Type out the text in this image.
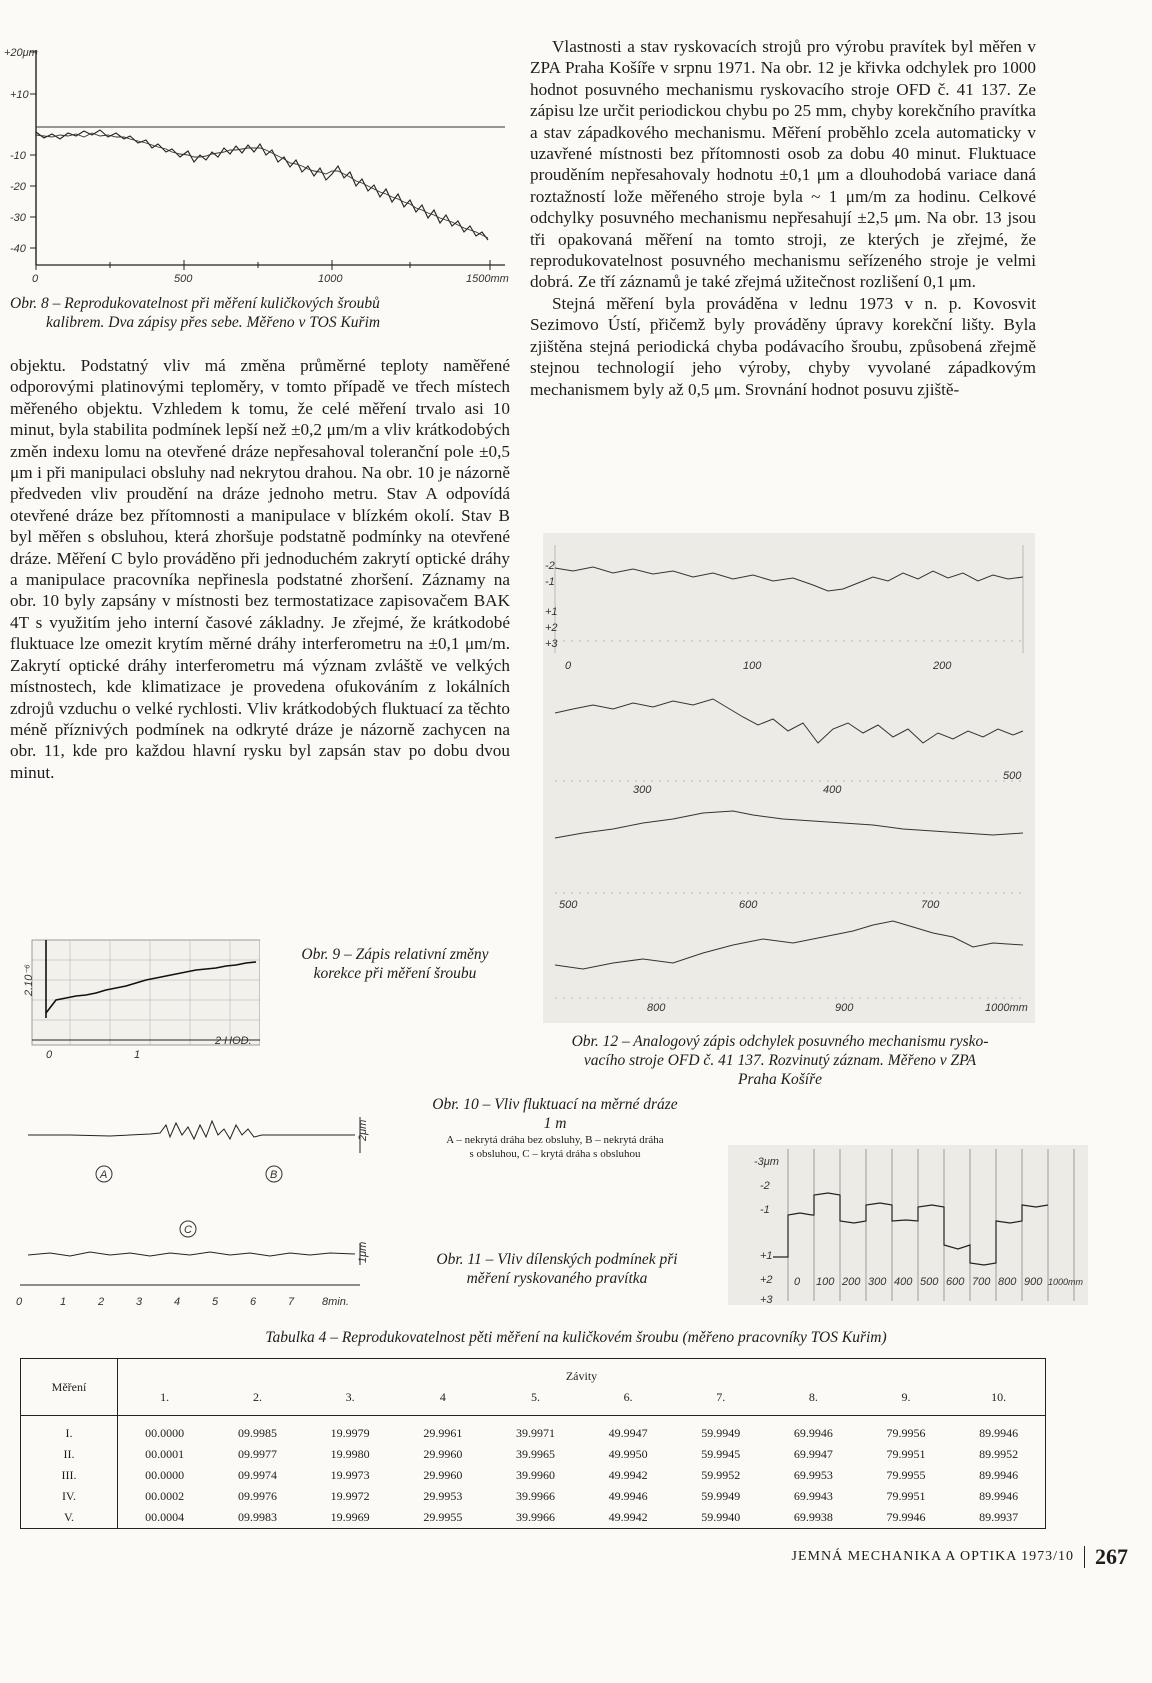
+20μm
+10
-10
-20
-30
-40
0	500	1000	1500mm

Obr. 8 – Reprodukovatelnost při měření kuličkových šroubů

kalibrem. Dva zápisy přes sebe. Měřeno v TOS Kuřim

objektu. Podstatný vliv má změna průměrné teploty naměřené odporovými platinovými teploměry, v tomto případě ve třech místech měřeného objektu. Vzhledem k tomu, že celé měření trvalo asi 10 minut, byla stabilita podmínek lepší než ±0,2 μm/m a vliv krátkodobých změn indexu lomu na otevřené dráze nepřesahoval toleranční pole ±0,5 μm i při manipulaci obsluhy nad nekrytou drahou. Na obr. 10 je názorně předveden vliv proudění na dráze jednoho metru. Stav A odpovídá otevřené dráze bez přítomnosti a manipulace v blízkém okolí. Stav B byl měřen s obsluhou, která zhoršuje podstatně podmínky na otevřené dráze. Měření C bylo prováděno při jednoduchém zakrytí optické dráhy a manipulace pracovníka nepřinesla podstatné zhoršení. Záznamy na obr. 10 byly zapsány v místnosti bez termostatizace zapisovačem BAK 4T s využitím jeho interní časové základny. Je zřejmé, že krátkodobé fluktuace lze omezit krytím měrné dráhy interferometru na ±0,1 μm/m. Zakrytí optické dráhy interferometru má význam zvláště ve velkých místnostech, kde klimatizace je provedena ofukováním z lokálních zdrojů vzduchu o velké rychlosti. Vliv krátkodobých fluktuací za těchto méně příznivých podmínek na odkryté dráze je názorně zachycen na obr. 11, kde pro každou hlavní rysku byl zapsán stav po dobu dvou minut.

Vlastnosti a stav ryskovacích strojů pro výrobu pravítek byl měřen v ZPA Praha Košíře v srpnu 1971. Na obr. 12 je křivka odchylek pro 1000 hodnot posuvného mechanismu ryskovacího stroje OFD č. 41 137. Ze zápisu lze určit periodickou chybu po 25 mm, chyby korekčního pravítka a stav západkového mechanismu. Měření proběhlo zcela automaticky v uzavřené místnosti bez přítomnosti osob za dobu 40 minut. Fluktuace prouděním nepřesahovaly hodnotu ±0,1 μm a dlouhodobá variace daná roztažností lože měřeného stroje byla ~ 1 μm/m za hodinu. Celkové odchylky posuvného mechanismu nepřesahují ±2,5 μm. Na obr. 13 jsou tři opakovaná měření na tomto stroji, ze kterých je zřejmé, že reprodukovatelnost posuvného mechanismu seřízeného stroje je velmi dobrá. Ze tří záznamů je také zřejmá užitečnost rozlišení 0,1 μm.

Stejná měření byla prováděna v lednu 1973 v n. p. Kovosvit Sezimovo Ústí, přičemž byly prováděny úpravy korekční lišty. Byla zjištěna stejná periodická chyba podávacího šroubu, způsobená zřejmě stejnou technologií jeho výroby, chyby vyvolané západkovým mechanismem byly až 0,5 μm. Srovnání hodnot posuvu zjiště-

-2
-1
+1
+2
+3
0	100	200
300	400
500
500	600	700
800	900	1000mm

Obr. 12 – Analogový zápis odchylek posuvného mechanismu rysko-

vacího stroje OFD č. 41 137. Rozvinutý záznam. Měřeno v ZPA

Praha Košíře

2.10⁻⁶
0	1
2 HOD.

Obr. 9 – Zápis relativní změny

korekce při měření šroubu

2μm
A	B
C
1μm
0	1	2	3	4	5	6	7	8min.

Obr. 10 – Vliv fluktuací na měrné dráze

1 m

A – nekrytá dráha bez obsluhy, B – nekrytá dráha

s obsluhou, C – krytá dráha s obsluhou

-3μm
-2
-1
+1
+2
+3
0 100 200 300 400 500 600 700 800 900 1000mm

Obr. 11 – Vliv dílenských podmínek při

měření ryskovaného pravítka

Tabulka 4 – Reprodukovatelnost pěti měření na kuličkovém šroubu (měřeno pracovníky TOS Kuřim)

Měření	Závity									
	1.	2.	3.	4	5.	6.	7.	8.	9.	10.
I.	00.0000	09.9985	19.9979	29.9961	39.9971	49.9947	59.9949	69.9946	79.9956	89.9946
II.	00.0001	09.9977	19.9980	29.9960	39.9965	49.9950	59.9945	69.9947	79.9951	89.9952
III.	00.0000	09.9974	19.9973	29.9960	39.9960	49.9942	59.9952	69.9953	79.9955	89.9946
IV.	00.0002	09.9976	19.9972	29.9953	39.9966	49.9946	59.9949	69.9943	79.9951	89.9946
V.	00.0004	09.9983	19.9969	29.9955	39.9966	49.9942	59.9940	69.9938	79.9946	89.9937
JEMNÁ MECHANIKA A OPTIKA 1973/10 267
